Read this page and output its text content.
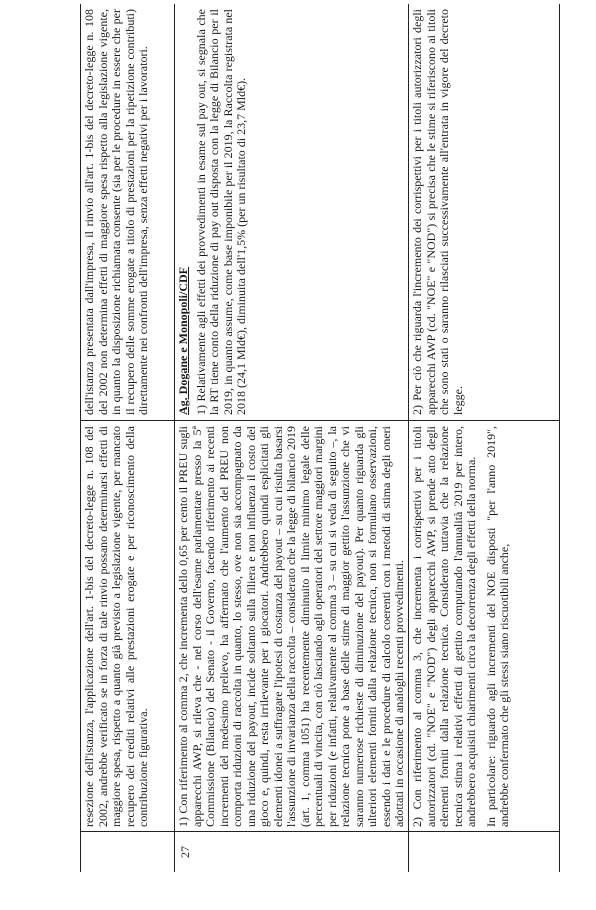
resezione dell'istanza, l'applicazione dell'art. 1-bis del decreto-legge n. 108 del 2002, andrebbe verificato se in forza di tale rinvio possano determinarsi effetti di maggiore spesa, rispetto a quanto già previsto a legislazione vigente, per mancato recupero dei crediti relativi alle prestazioni erogate e per riconoscimento della contribuzione figurativa.

dell'istanza presentata dall'impresa, il rinvio all'art. 1-bis del decreto-legge n. 108 del 2002 non determina effetti di maggiore spesa rispetto alla legislazione vigente, in quanto la disposizione richiamata consente (sia per le procedure in essere che per il recupero delle somme erogate a titolo di prestazioni per la ripetizione contributi) direttamente nei confronti dell'impresa, senza effetti negativi per i lavoratori.

27

1) Con riferimento al comma 2, che incrementa dello 0,65 per cento il PREU sugli apparecchi AWP, si rileva che - nel corso dell'esame parlamentare presso la 5ª Commissione (Bilancio) del Senato - il Governo, facendo riferimento ai recenti incrementi del medesimo prelievo, ha affermato che l'aumento del PREU non comporta riduzioni di raccolta in quanto, lo stesso, ove non sia accompagnato da una riduzione del payout, incide soltanto sulla filiera e non influenza il costo del gioco e, quindi, resta irrilevante per i giocatori. Andrebbero quindi esplicitati gli elementi idonei a suffragare l'ipotesi di costanza del payout – su cui risulta basarsi l'assunzione di invarianza della raccolta – considerato che la legge di bilancio 2019 (art. 1, comma 1051) ha recentemente diminuito il limite minimo legale delle percentuali di vincita, con ciò lasciando agli operatori del settore maggiori margini per riduzioni (e infatti, relativamente al comma 3 – su cui si veda di seguito –, la relazione tecnica pone a base delle stime di maggior gettito l'assunzione che vi saranno numerose richieste di diminuzione del payout). Per quanto riguarda gli ulteriori elementi forniti dalla relazione tecnica, non si formulano osservazioni, essendo i dati e le procedure di calcolo coerenti con i metodi di stima degli oneri adottati in occasione di analoghi recenti provvedimenti.

Ag. Dogane e Monopoli/CDF 1) Relativamente agli effetti dei provvedimenti in esame sul pay out, si segnala che la RT tiene conto della riduzione di pay out disposta con la legge di Bilancio per il 2019, in quanto assume, come base imponibile per il 2019, la Raccolta registrata nel 2018 (24,1 Mld€), diminuita dell'1,5% (per un risultato di 23,7 Mld€).

2) Con riferimento al comma 3, che incrementa i corrispettivi per i titoli autorizzatori (cd. "NOE" e "NOD") degli apparecchi AWP, si prende atto degli elementi forniti dalla relazione tecnica. Considerato tuttavia che la relazione tecnica stima i relativi effetti di gettito computando l'annualità 2019 per intero, andrebbero acquisiti chiarimenti circa la decorrenza degli effetti della norma. In particolare: riguardo agli incrementi del NOE disposti "per l'anno 2019", andrebbe confermato che gli stessi siano riscuotibili anche,

2) Per ciò che riguarda l'incremento dei corrispettivi per i titoli autorizzatori degli apparecchi AWP (cd. "NOE" e "NOD") si precisa che le stime si riferiscono ai titoli che sono stati o saranno rilasciati successivamente all'entrata in vigore del decreto legge.
